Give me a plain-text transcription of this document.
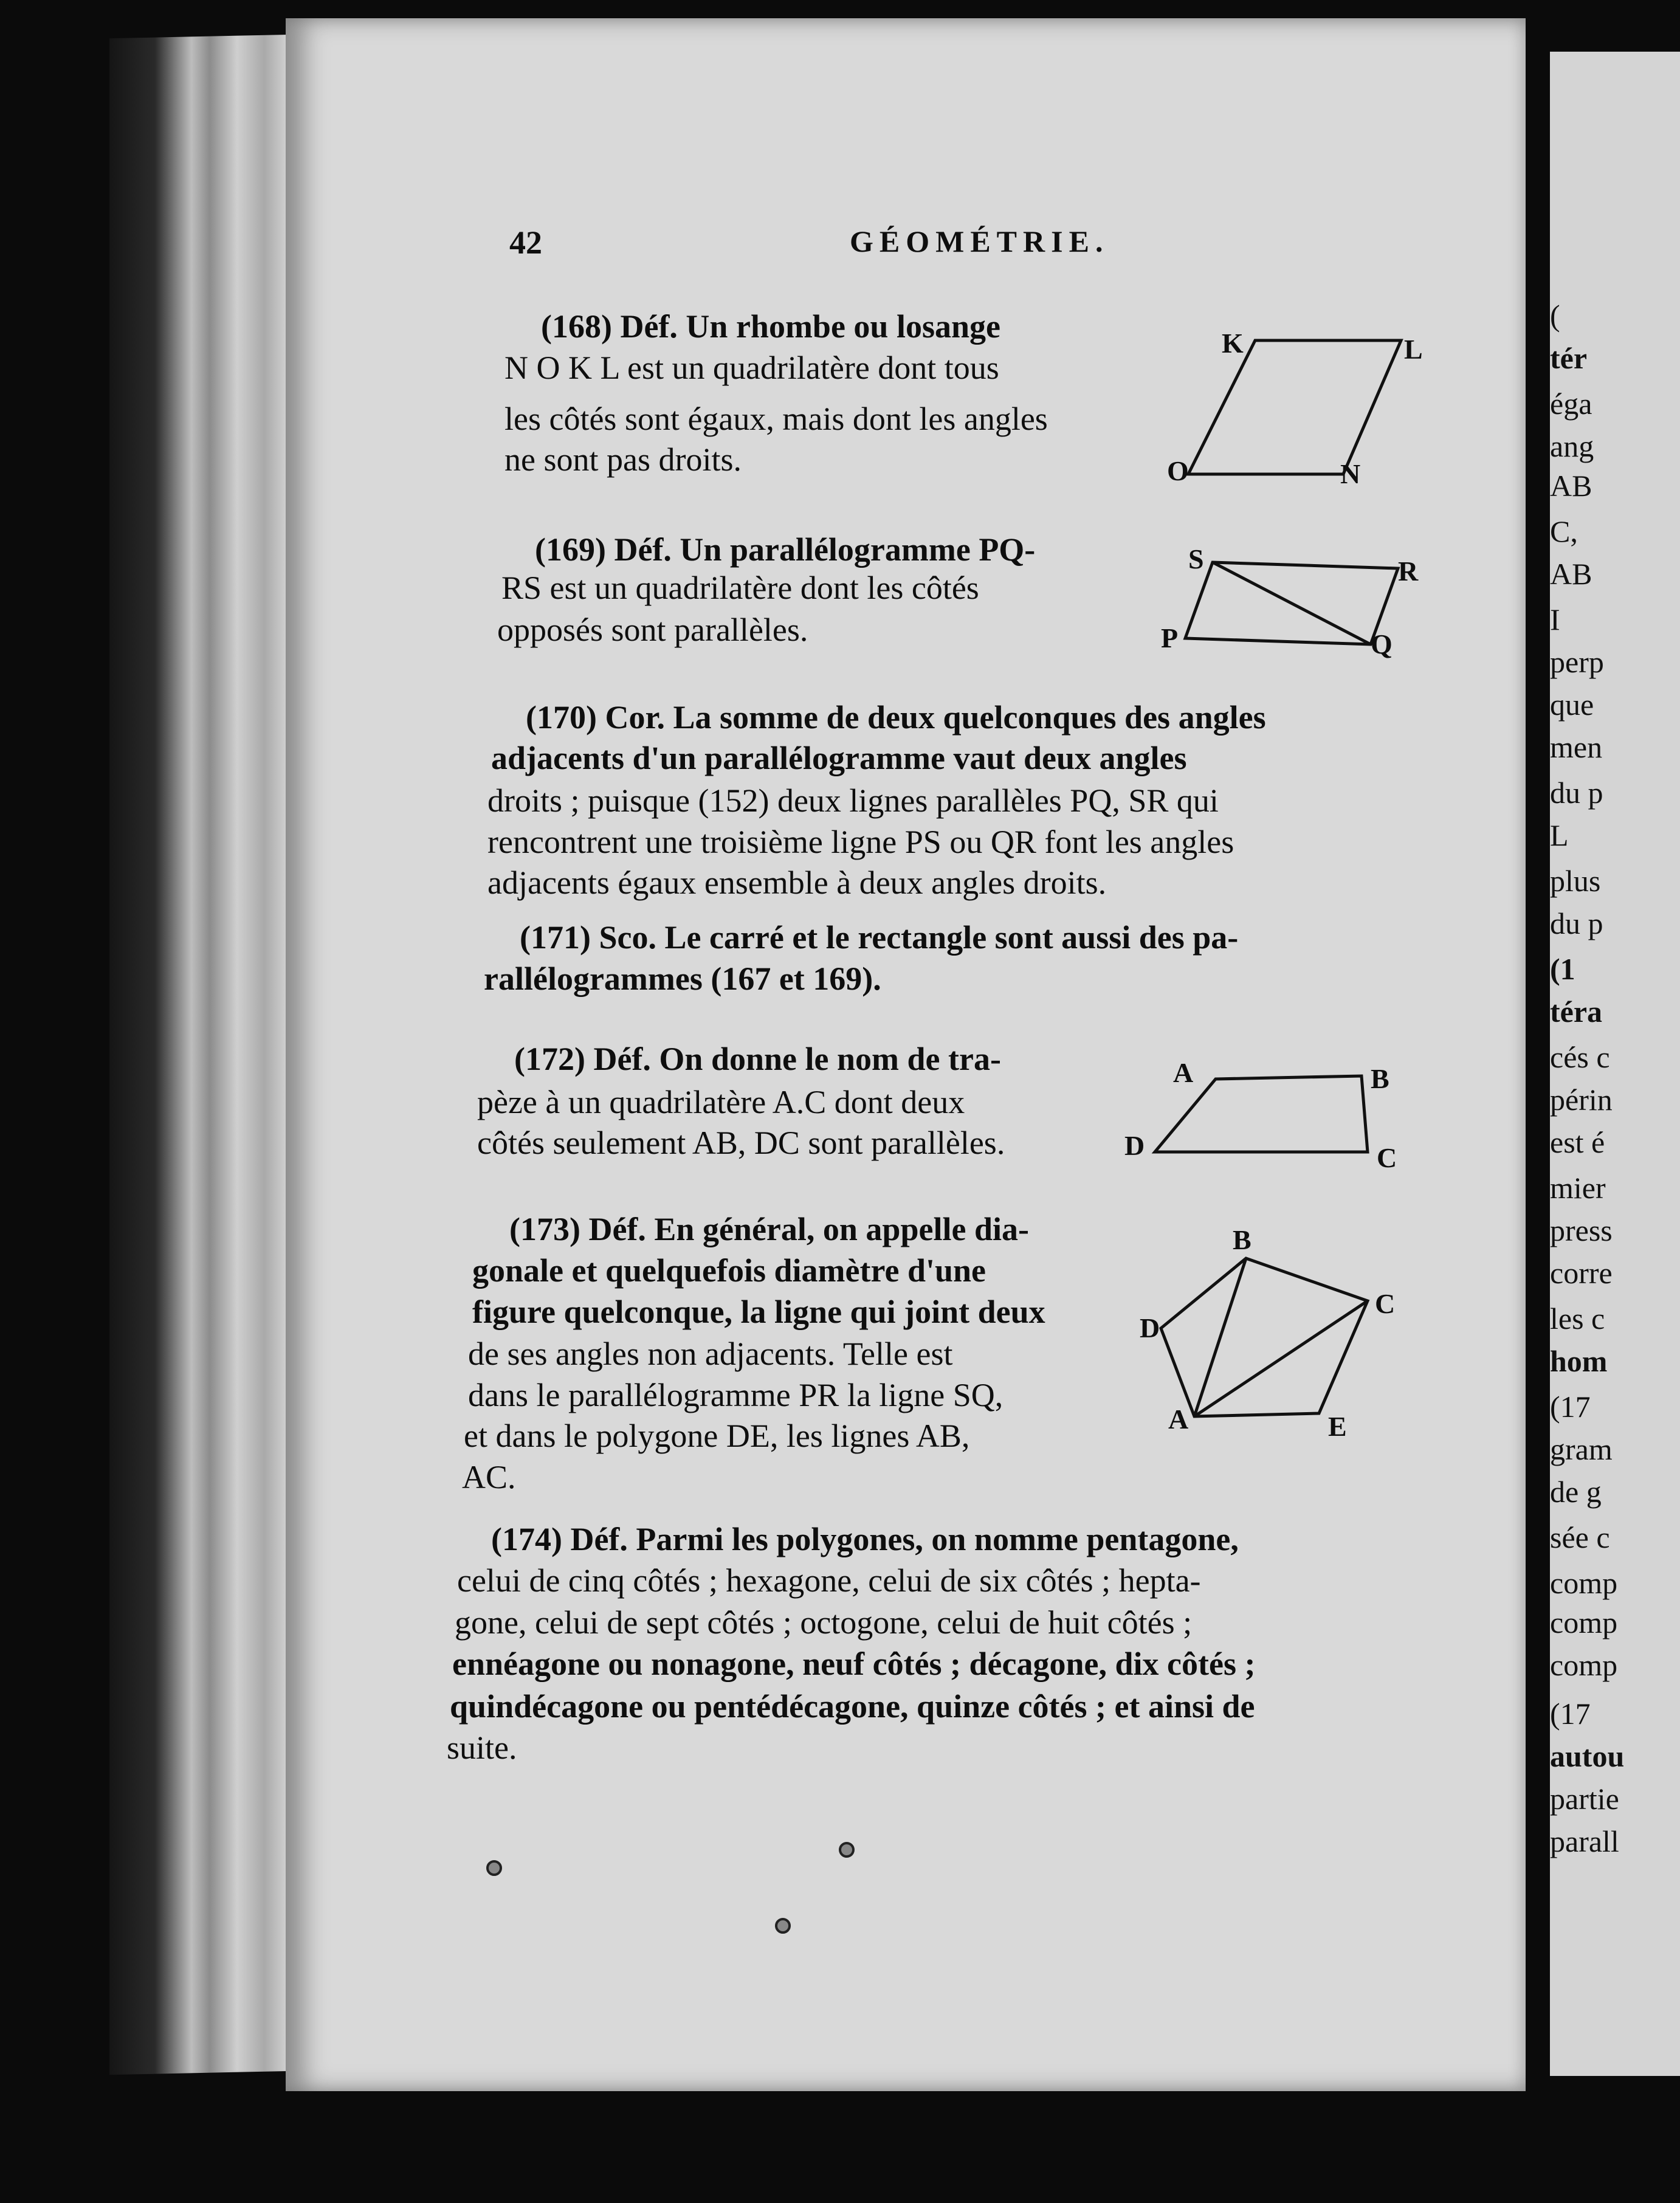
(
tér
éga
ang
AB
C,
AB
I
perp
que
men
du p
L
plus
du p
(1
téra
cés c
périn
est é
mier
press
corre
les c
hom
(17
gram
de g
sée c
comp
comp
comp
(17
autou
partie
parall
42	GÉOMÉTRIE.
(168) Déf. Un rhombe ou losange
N O K L est un quadrilatère dont tous
les côtés sont égaux, mais dont les angles
ne sont pas droits.
(169) Déf. Un parallélogramme PQ-
RS est un quadrilatère dont les côtés
opposés sont parallèles.
(170) Cor. La somme de deux quelconques des angles
adjacents d'un parallélogramme vaut deux angles
droits ; puisque (152) deux lignes parallèles PQ, SR qui
rencontrent une troisième ligne PS ou QR font les angles
adjacents égaux ensemble à deux angles droits.
(171) Sco. Le carré et le rectangle sont aussi des pa-
rallélogrammes (167 et 169).
(172) Déf. On donne le nom de tra-
pèze à un quadrilatère A.C dont deux
côtés seulement AB, DC sont parallèles.
(173) Déf. En général, on appelle dia-
gonale et quelquefois diamètre d'une
figure quelconque, la ligne qui joint deux
de ses angles non adjacents. Telle est
dans le parallélogramme PR la ligne SQ,
et dans le polygone DE, les lignes AB,
AC.
(174) Déf. Parmi les polygones, on nomme pentagone,
celui de cinq côtés ; hexagone, celui de six côtés ; hepta-
gone, celui de sept côtés ; octogone, celui de huit côtés ;
ennéagone ou nonagone, neuf côtés ; décagone, dix côtés ;
quindécagone ou pentédécagone, quinze côtés ; et ainsi de
suite.
K	L
O	N
S	R
P	Q
A	B
D	C
B
C
D
A	E
